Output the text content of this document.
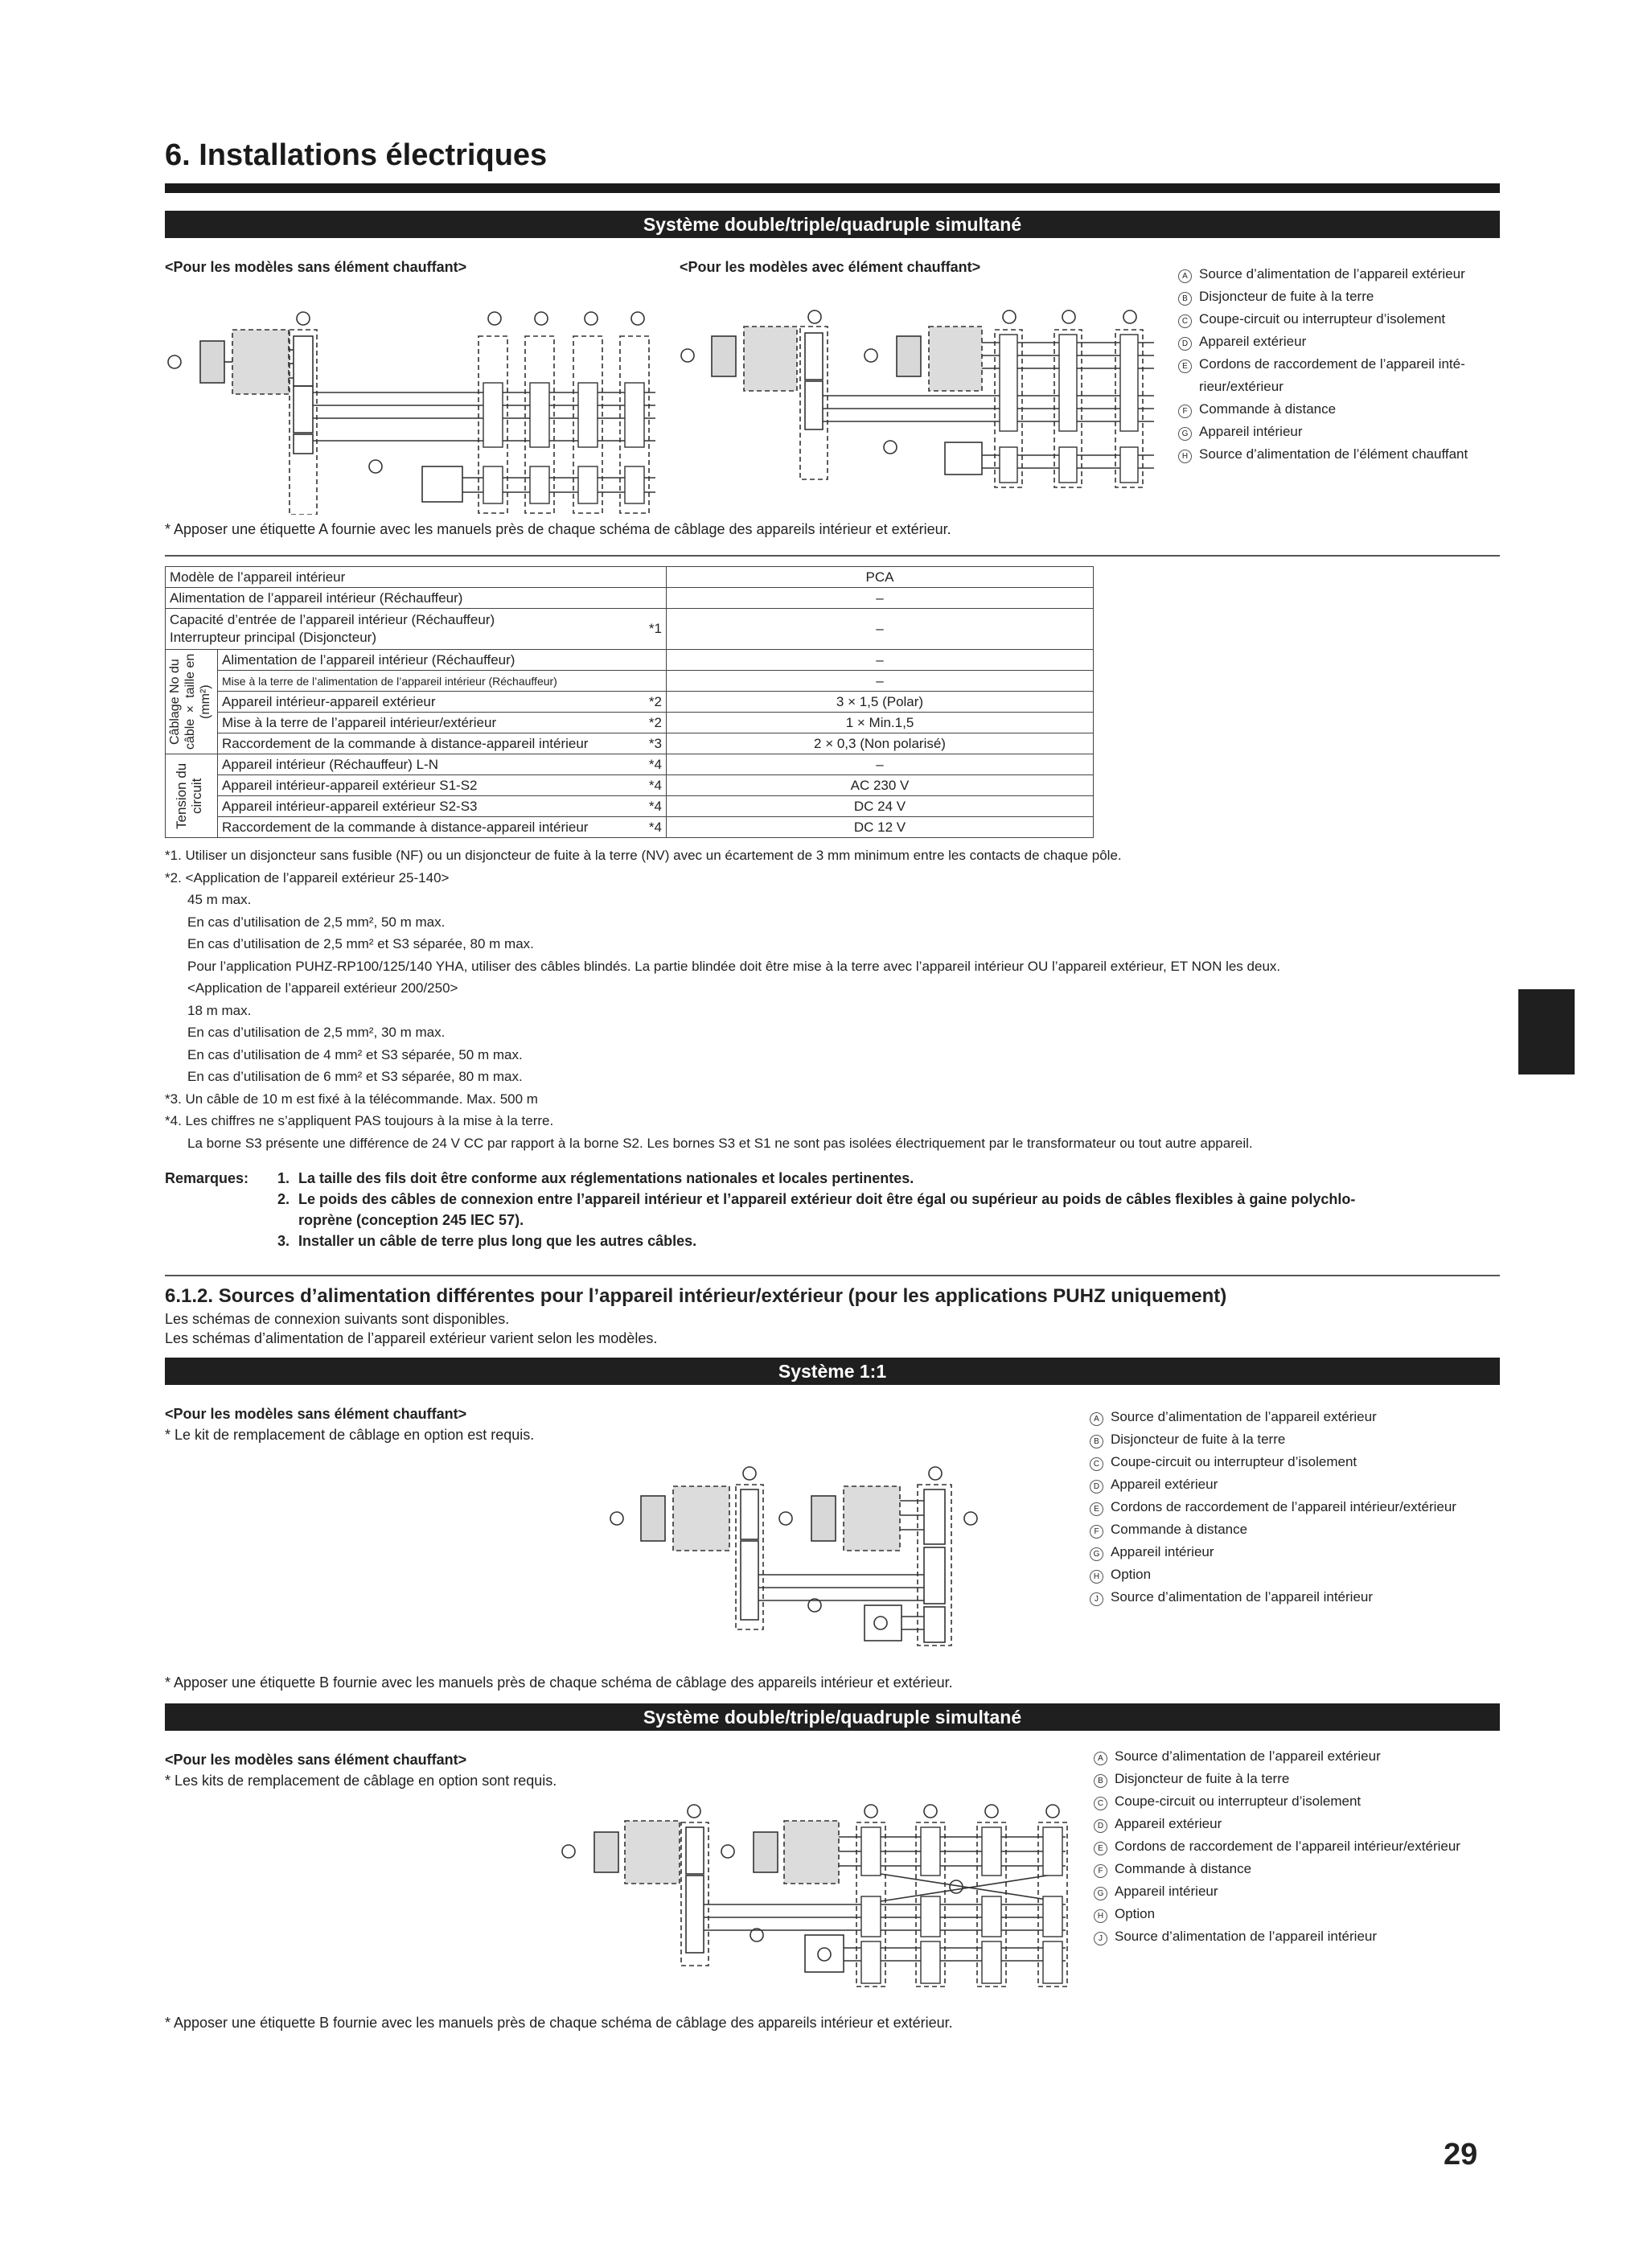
6. Installations électriques
Système double/triple/quadruple simultané
<Pour les modèles sans élément chauffant>	<Pour les modèles avec élément chauffant>
A Source d’alimentation de l’appareil extérieur
B Disjoncteur de fuite à la terre
C Coupe-circuit ou interrupteur d’isolement
D Appareil extérieur
E Cordons de raccordement de l’appareil inté-
rieur/extérieur
F Commande à distance
G Appareil intérieur
H Source d’alimentation de l’élément chauffant
* Apposer une étiquette A fournie avec les manuels près de chaque schéma de câblage des appareils intérieur et extérieur.
Modèle de l’appareil intérieur			PCA
Alimentation de l’appareil intérieur (Réchauffeur)			–

Capacité d’entrée de l’appareil intérieur (Réchauffeur)
Interrupteur principal (Disjoncteur)		*1	–

Câblage No du câble × taille en (mm²)	Alimentation de l’appareil intérieur (Réchauffeur)		–
	Mise à la terre de l’alimentation de l’appareil intérieur (Réchauffeur)		–
	Appareil intérieur-appareil extérieur	*2	3 × 1,5 (Polar)
	Mise à la terre de l’appareil intérieur/extérieur	*2	1 × Min.1,5
	Raccordement de la commande à distance-appareil intérieur	*3	2 × 0,3 (Non polarisé)

Tension du circuit	Appareil intérieur (Réchauffeur) L-N	*4	–
	Appareil intérieur-appareil extérieur S1-S2	*4	AC 230 V
	Appareil intérieur-appareil extérieur S2-S3	*4	DC 24 V
	Raccordement de la commande à distance-appareil intérieur	*4	DC 12 V
*1. Utiliser un disjoncteur sans fusible (NF) ou un disjoncteur de fuite à la terre (NV) avec un écartement de 3 mm minimum entre les contacts de chaque pôle.
*2. <Application de l’appareil extérieur 25-140>
45 m max.
En cas d’utilisation de 2,5 mm², 50 m max.
En cas d’utilisation de 2,5 mm² et S3 séparée, 80 m max.
Pour l’application PUHZ-RP100/125/140 YHA, utiliser des câbles blindés. La partie blindée doit être mise à la terre avec l’appareil intérieur OU l’appareil extérieur, ET NON les deux.
<Application de l’appareil extérieur 200/250>
18 m max.
En cas d’utilisation de 2,5 mm², 30 m max.
En cas d’utilisation de 4 mm² et S3 séparée, 50 m max.
En cas d’utilisation de 6 mm² et S3 séparée, 80 m max.
*3. Un câble de 10 m est fixé à la télécommande. Max. 500 m
*4. Les chiffres ne s’appliquent PAS toujours à la mise à la terre.
La borne S3 présente une différence de 24 V CC par rapport à la borne S2. Les bornes S3 et S1 ne sont pas isolées électriquement par le transformateur ou tout autre appareil.
Remarques:	1. La taille des fils doit être conforme aux réglementations nationales et locales pertinentes.
2. Le poids des câbles de connexion entre l’appareil intérieur et l’appareil extérieur doit être égal ou supérieur au poids de câbles flexibles à gaine polychlo-
roprène (conception 245 IEC 57).
3. Installer un câble de terre plus long que les autres câbles.
6.1.2. Sources d’alimentation différentes pour l’appareil intérieur/extérieur (pour les applications PUHZ uniquement)
Les schémas de connexion suivants sont disponibles.
Les schémas d’alimentation de l’appareil extérieur varient selon les modèles.
Système 1:1
<Pour les modèles sans élément chauffant>
* Le kit de remplacement de câblage en option est requis.
A Source d’alimentation de l’appareil extérieur
B Disjoncteur de fuite à la terre
C Coupe-circuit ou interrupteur d’isolement
D Appareil extérieur
E Cordons de raccordement de l’appareil intérieur/extérieur
F Commande à distance
G Appareil intérieur
H Option
J Source d’alimentation de l’appareil intérieur
* Apposer une étiquette B fournie avec les manuels près de chaque schéma de câblage des appareils intérieur et extérieur.
Système double/triple/quadruple simultané
<Pour les modèles sans élément chauffant>
* Les kits de remplacement de câblage en option sont requis.
A Source d’alimentation de l’appareil extérieur
B Disjoncteur de fuite à la terre
C Coupe-circuit ou interrupteur d’isolement
D Appareil extérieur
E Cordons de raccordement de l’appareil intérieur/extérieur
F Commande à distance
G Appareil intérieur
H Option
J Source d’alimentation de l’appareil intérieur
* Apposer une étiquette B fournie avec les manuels près de chaque schéma de câblage des appareils intérieur et extérieur.
29
